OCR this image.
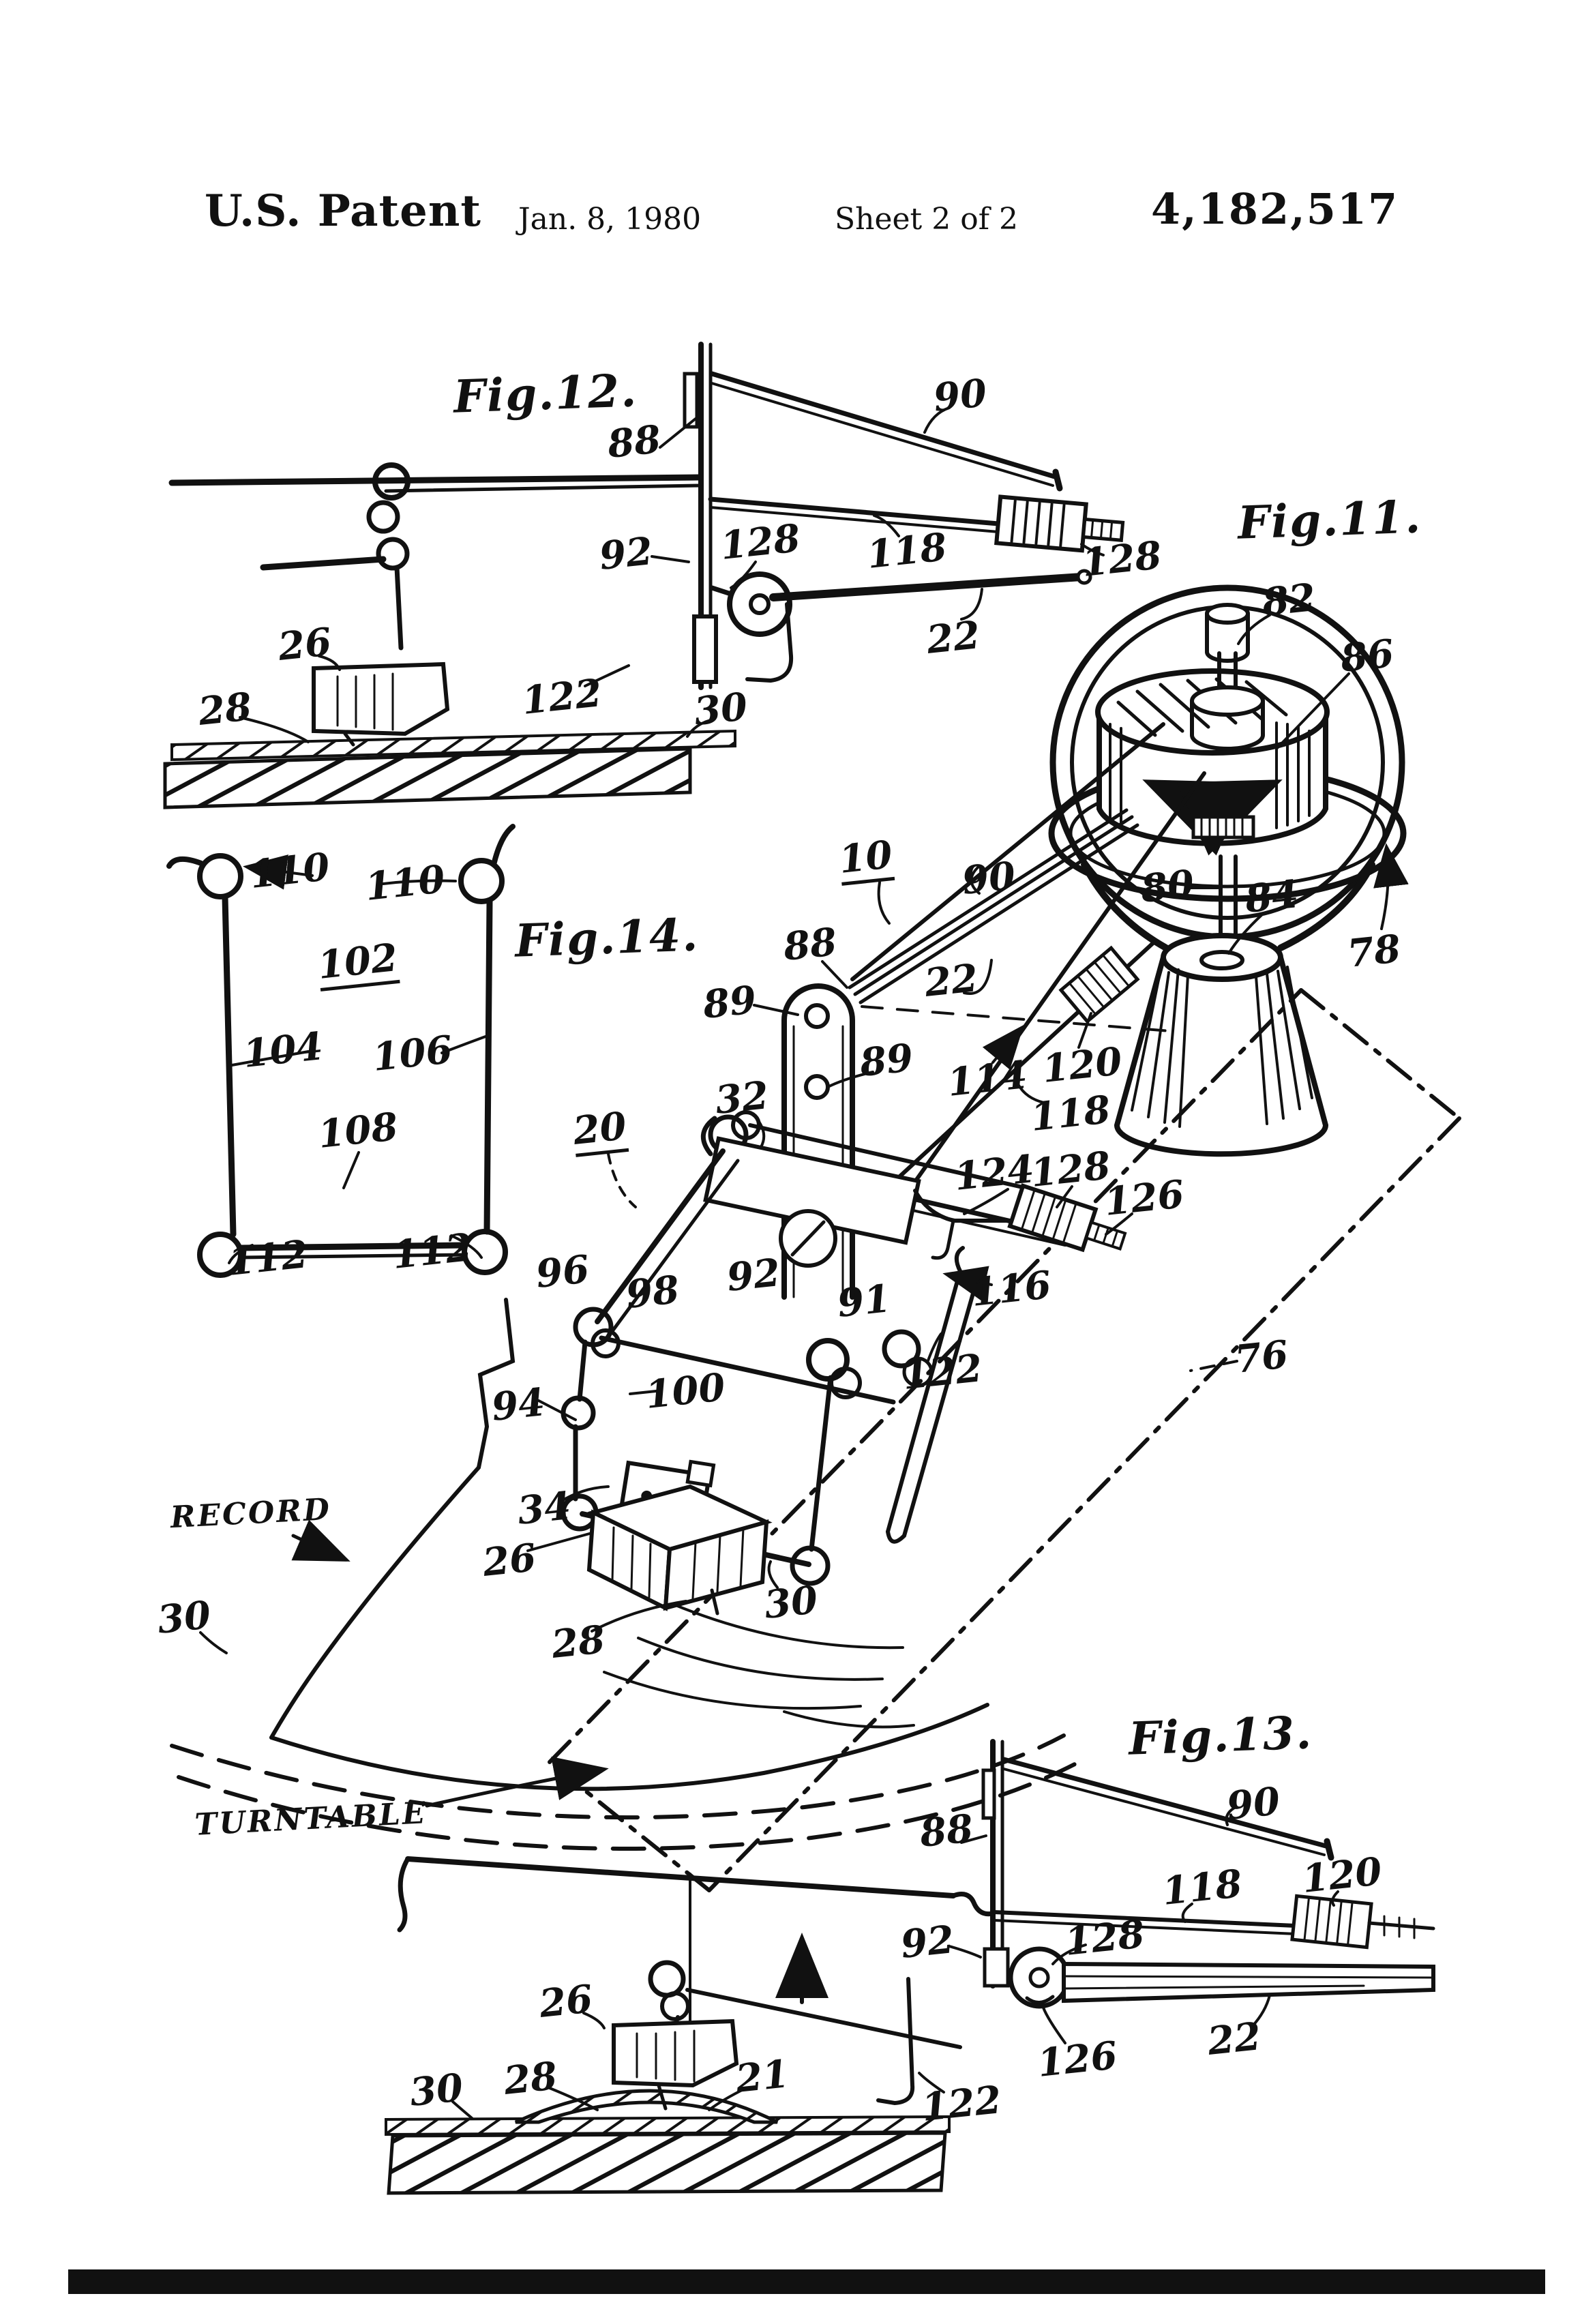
U.S. Patent Jan. 8, 1980	Sheet 2 of 2	4,182,517
Fig.12.
88
90
92 128 118	128
22
26
28	122 30
Fig.11.
82
86
80 84
78
Fig.14.
110 110
102
104 106
108
112 112
10 90
88
22
89
89 114 120
118
32
20
124
128
126
96 98 92
91 116
122
94	100
76
34
26
RECORD
30	28
30
TURNTABLE
Fig.13.
88
90
118 120
92	128
126 22
26
122
30 28	21
